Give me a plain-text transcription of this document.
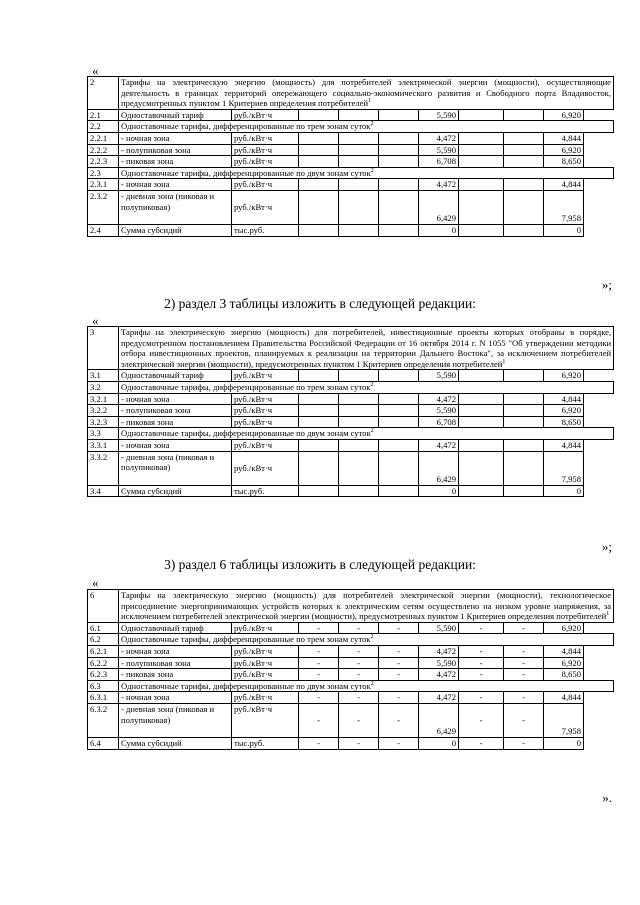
«
2	Тарифы на электрическую энергию (мощность) для потребителей электрической энергии (мощности), осуществляющие деятельность в границах территорий опережающего социально-экономического развития и Свободного порта Владивосток, предусмотренных пунктом 1 Критериев определения потребителей$^1$
2.1	Одноставочный тариф	руб./кВт·ч				5,590			6,920
2.2	Одноставочные тарифы, дифференцированные по трем зонам суток$^2$
2.2.1	- ночная зона	руб./кВт·ч				4,472			4,844
2.2.2	- полупиковая зона	руб./кВт·ч				5,590			6,920
2.2.3	- пиковая зона	руб./кВт·ч				6,708			8,650
2.3	Одноставочные тарифы, дифференцированные по двум зонам суток$^2$
2.3.1	- ночная зона	руб./кВт·ч				4,472			4,844
2.3.2	- дневная зона (пиковая и полупиковая)	руб./кВт·ч				6,429			7,958
2.4	Сумма субсидий	тыс.руб.				0			0
»;
2) раздел 3 таблицы изложить в следующей редакции:
«
3	Тарифы на электрическую энергию (мощность) для потребителей, инвестиционные проекты которых отобраны в порядке, предусмотренном постановлением Правительства Российской Федерации от 16 октября 2014 г. N 1055 "Об утверждении методики отбора инвестиционных проектов, планируемых к реализации на территории Дальнего Востока", за исключением потребителей электрической энергии (мощности), предусмотренных пунктом 1 Критериев определения потребителей$^1$
3.1	Одноставочный тариф	руб./кВт·ч				5,590			6,920
3.2	Одноставочные тарифы, дифференцированные по трем зонам суток$^2$
3.2.1	- ночная зона	руб./кВт·ч				4,472			4,844
3.2.2	- полупиковая зона	руб./кВт·ч				5,590			6,920
3.2.3	- пиковая зона	руб./кВт·ч				6,708			8,650
3.3	Одноставочные тарифы, дифференцированные по двум зонам суток$^2$
3.3.1	- ночная зона	руб./кВт·ч				4,472			4,844
3.3.2	- дневная зона (пиковая и полупиковая)	руб./кВт·ч				6,429			7,958
3.4	Сумма субсидий	тыс.руб.				0			0
»;
3) раздел 6 таблицы изложить в следующей редакции:
«
6	Тарифы на электрическую энергию (мощность) для потребителей электрической энергии (мощности), технологическое присоединение энергопринимающих устройств которых к электрическим сетям осуществлено на низком уровне напряжения, за исключением потребителей электрической энергии (мощности), предусмотренных пунктом 1 Критериев определения потребителей$^1$
6.1	Одноставочный тариф	руб./кВт·ч	-	-	-	5,590	-	-	6,920
6.2	Одноставочные тарифы, дифференцированные по трем зонам суток$^2$
6.2.1	- ночная зона	руб./кВт·ч	-	-	-	4,472	-	-	4,844
6.2.2	- полупиковая зона	руб./кВт·ч	-	-	-	5,590	-	-	6,920
6.2.3	- пиковая зона	руб./кВт·ч	-	-	-	4,472	-	-	8,650
6.3	Одноставочные тарифы, дифференцированные по двум зонам суток$^2$
6.3.1	- ночная зона	руб./кВт·ч	-	-	-	4,472	-	-	4,844
6.3.2	- дневная зона (пиковая и полупиковая)	руб./кВт·ч	-	-	-	6,429	-	-	7,958
6.4	Сумма субсидий	тыс.руб.	-	-	-	0	-	-	0
».
